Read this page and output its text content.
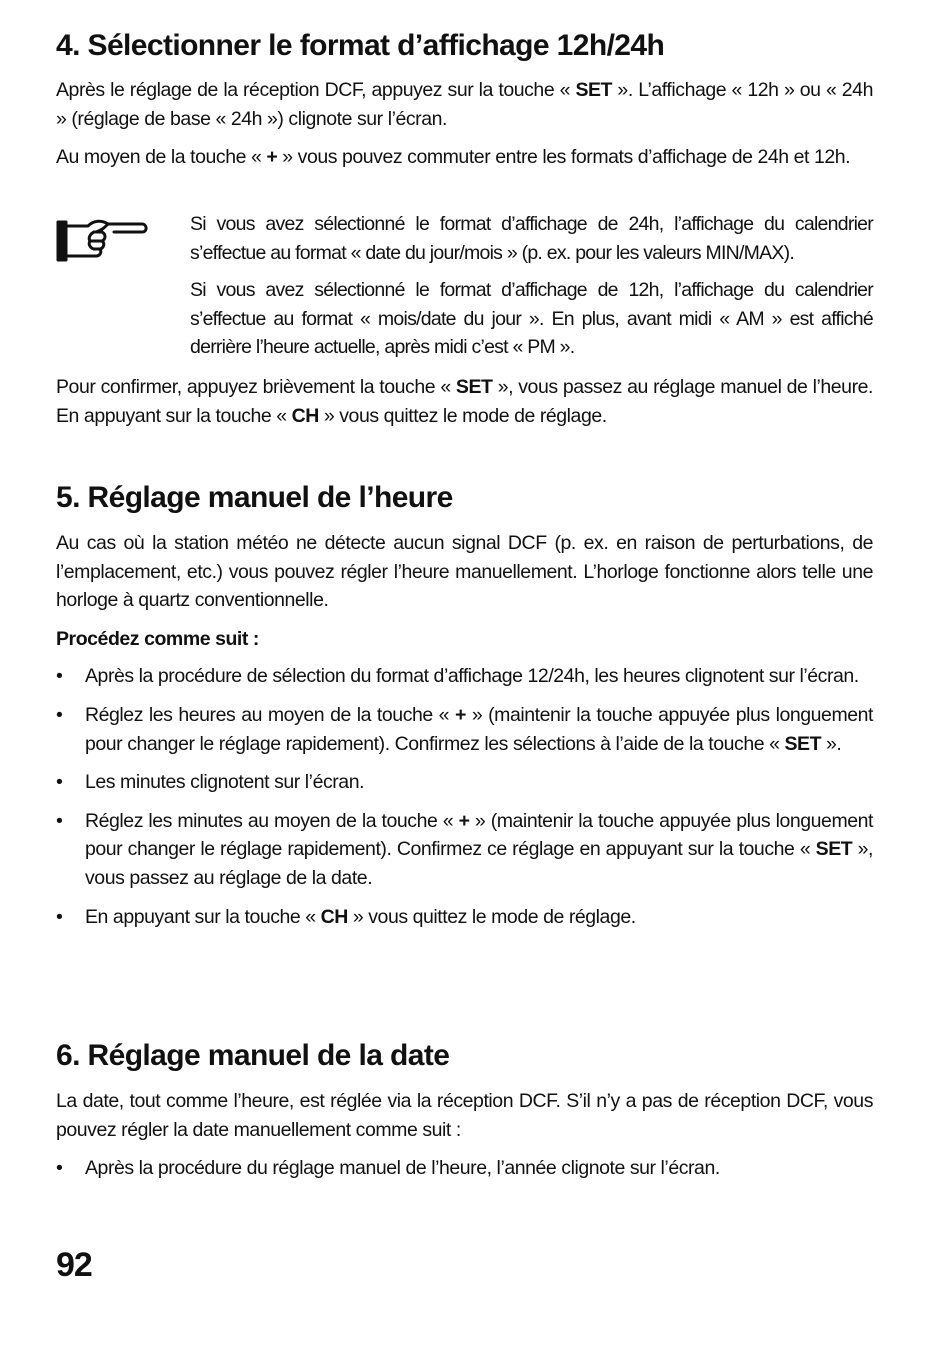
4. Sélectionner le format d’affichage 12h/24h

Après le réglage de la réception DCF, appuyez sur la touche « SET ». L’affichage « 12h » ou « 24h » (réglage de base « 24h ») clignote sur l’écran.

Au moyen de la touche « + » vous pouvez commuter entre les formats d’affichage de 24h et 12h.

Si vous avez sélectionné le format d’affichage de 24h, l’affichage du calendrier s’effectue au format « date du jour/mois » (p. ex. pour les valeurs MIN/MAX).

Si vous avez sélectionné le format d’affichage de 12h, l’affichage du calendrier s’effectue au format « mois/date du jour ». En plus, avant midi « AM » est affiché derrière l’heure actuelle, après midi c’est « PM ».

Pour confirmer, appuyez brièvement la touche « SET », vous passez au réglage manuel de l’heure. En appuyant sur la touche « CH » vous quittez le mode de réglage.

5. Réglage manuel de l’heure

Au cas où la station météo ne détecte aucun signal DCF (p. ex. en raison de perturbations, de l’emplacement, etc.) vous pouvez régler l’heure manuellement. L’horloge fonctionne alors telle une horloge à quartz conventionnelle.

Procédez comme suit :

• Après la procédure de sélection du format d’affichage 12/24h, les heures clignotent sur l’écran.
• Réglez les heures au moyen de la touche « + » (maintenir la touche appuyée plus longuement pour changer le réglage rapidement). Confirmez les sélections à l’aide de la touche « SET ».
• Les minutes clignotent sur l’écran.
• Réglez les minutes au moyen de la touche « + » (maintenir la touche appuyée plus longuement pour changer le réglage rapidement). Confirmez ce réglage en appuyant sur la touche « SET », vous passez au réglage de la date.
• En appuyant sur la touche « CH » vous quittez le mode de réglage.
6. Réglage manuel de la date

La date, tout comme l’heure, est réglée via la réception DCF. S’il n’y a pas de réception DCF, vous pouvez régler la date manuellement comme suit :

• Après la procédure du réglage manuel de l’heure, l’année clignote sur l’écran.
92
